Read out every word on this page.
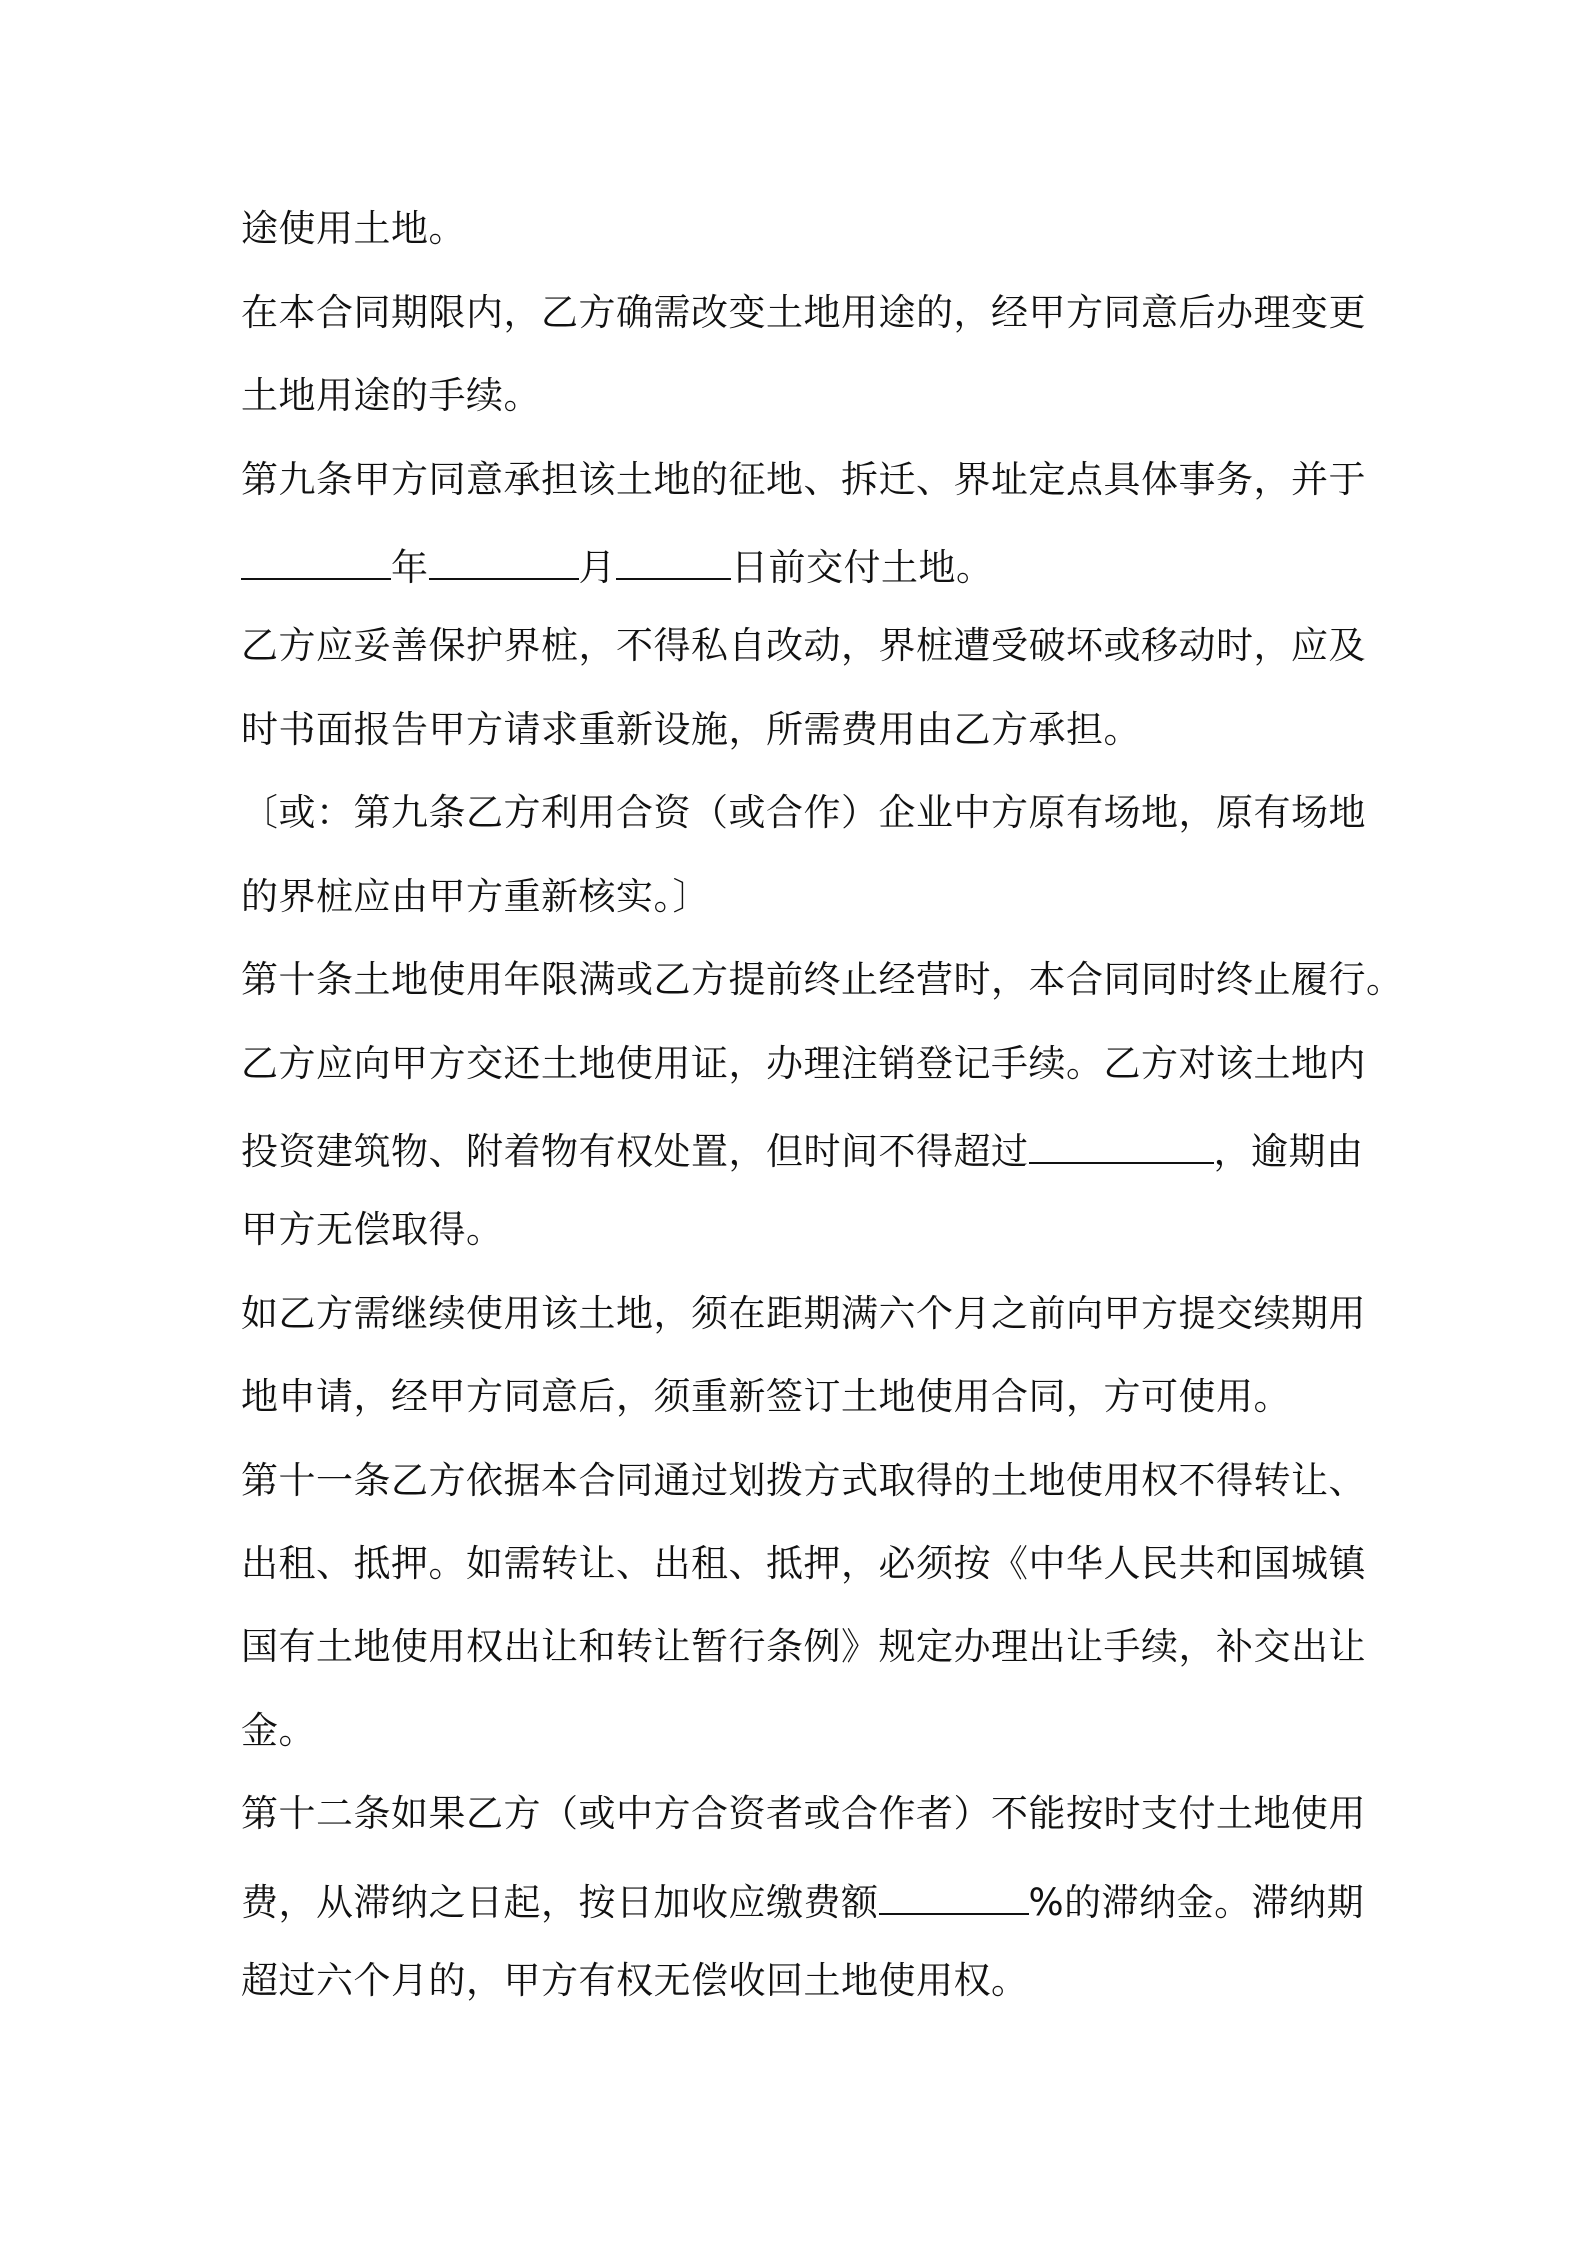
途使用土地。
在本合同期限内，乙方确需改变土地用途的，经甲方同意后办理变更
土地用途的手续。
第九条甲方同意承担该土地的征地、拆迁、界址定点具体事务，并于
年	月	日前交付土地。
乙方应妥善保护界桩，不得私自改动，界桩遭受破坏或移动时，应及
时书面报告甲方请求重新设施，所需费用由乙方承担。
〔或：第九条乙方利用合资（或合作）企业中方原有场地，原有场地
的界桩应由甲方重新核实。〕
第十条土地使用年限满或乙方提前终止经营时，本合同同时终止履行。
乙方应向甲方交还土地使用证，办理注销登记手续。乙方对该土地内
投资建筑物、附着物有权处置，但时间不得超过	，逾期由
甲方无偿取得。
如乙方需继续使用该土地，须在距期满六个月之前向甲方提交续期用
地申请，经甲方同意后，须重新签订土地使用合同，方可使用。
第十一条乙方依据本合同通过划拨方式取得的土地使用权不得转让、
出租、抵押。如需转让、出租、抵押，必须按《中华人民共和国城镇
国有土地使用权出让和转让暂行条例》规定办理出让手续，补交出让
金。
第十二条如果乙方（或中方合资者或合作者）不能按时支付土地使用
费，从滞纳之日起，按日加收应缴费额	%的滞纳金。滞纳期
超过六个月的，甲方有权无偿收回土地使用权。
